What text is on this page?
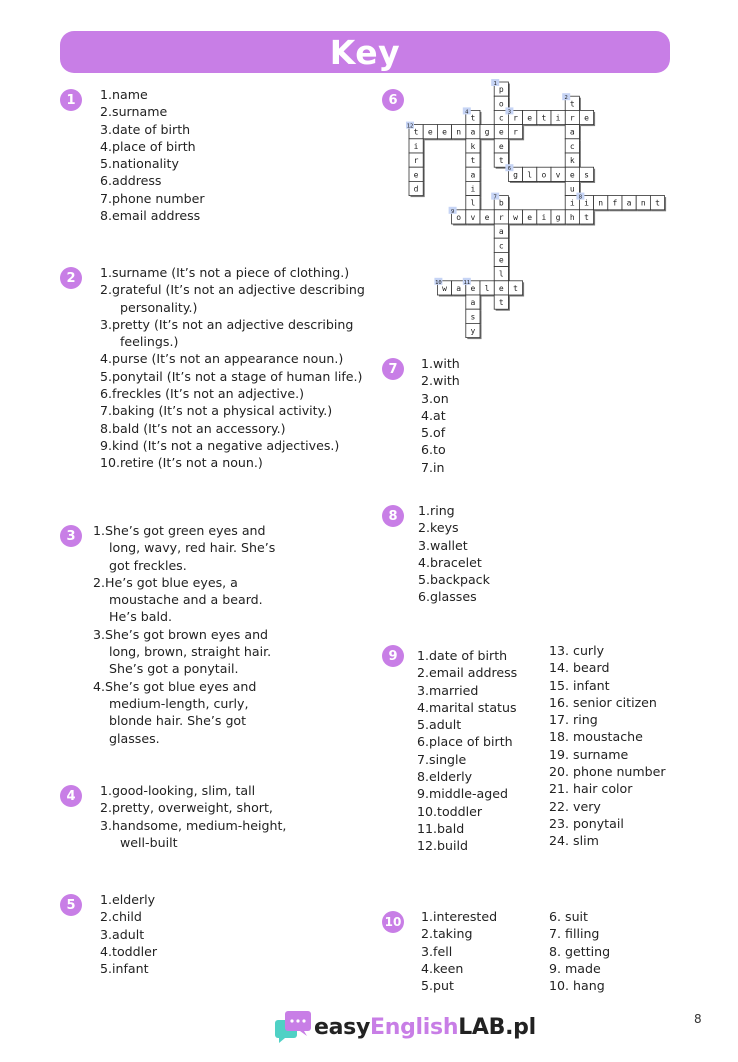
Key
1	1.name
2.surname
3.date of birth
4.place of birth
5.nationality
6.address
7.phone number
8.email address
2	1.surname (It’s not a piece of clothing.)
2.grateful (It’s not an adjective describing personality.)
3.pretty (It’s not an adjective describing feelings.)
4.purse (It’s not an appearance noun.)
5.ponytail (It’s not a stage of human life.)
6.freckles (It’s not an adjective.)
7.baking (It’s not a physical activity.)
8.bald (It’s not an accessory.)
9.kind (It’s not a negative adjectives.)
10.retire (It’s not a noun.)
3	1.She’s got green eyes and long, wavy, red hair. She’s got freckles.
2.He’s got blue eyes, a moustache and a beard. He’s bald.
3.She’s got brown eyes and long, brown, straight hair. She’s got a ponytail.
4.She’s got blue eyes and medium-length, curly, blonde hair. She’s got glasses.
4	1.good-looking, slim, tall
2.pretty, overweight, short,
3.handsome, medium-height, well-built
5	1.elderly
2.child
3.adult
4.toddler
5.infant
6
p
o
c
e
e
t
t
r
a
c
k
e
u
i
h
r e t i	e
t
a
k
t
a
i
l
t e e n	g	r
g l o v	s
b
r
a
c
e
l
e
t
i n f a n t
o v e	w e i g	t
w a e l	t
a
s
y
i
r
e
d
1
2
3
4
12
6
7	8
9
10	11
7	1.with
2.with
3.on
4.at
5.of
6.to
7.in
8	1.ring
2.keys
3.wallet
4.bracelet
5.backpack
6.glasses
9	1.date of birth
2.email address
3.married
4.marital status
5.adult
6.place of birth
7.single
8.elderly
9.middle-aged
10.toddler
11.bald
12.build
13. curly
14. beard
15. infant
16. senior citizen
17. ring
18. moustache
19. surname
20. phone number
21. hair color
22. very
23. ponytail
24. slim
10 1.interested
2.taking
3.fell
4.keen
5.put
6. suit
7. filling
8. getting
9. made
10. hang
easyEnglishLAB.pl	8
